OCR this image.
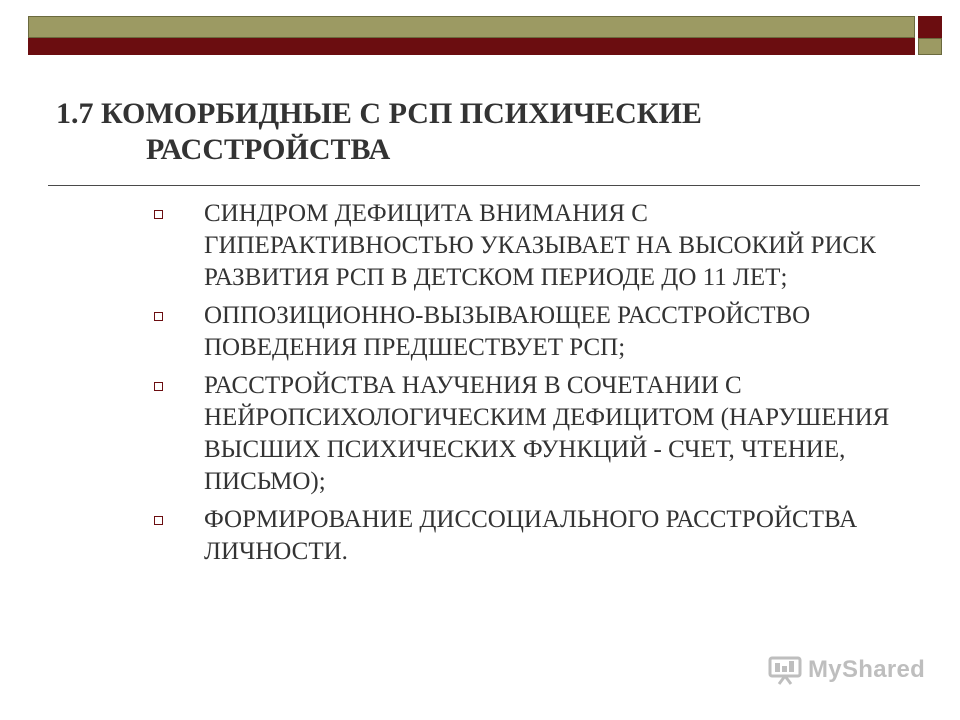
1.7 КОМОРБИДНЫЕ С РСП ПСИХИЧЕСКИЕ
РАССТРОЙСТВА
СИНДРОМ ДЕФИЦИТА ВНИМАНИЯ С ГИПЕРАКТИВНОСТЬЮ УКАЗЫВАЕТ НА ВЫСОКИЙ РИСК РАЗВИТИЯ РСП В ДЕТСКОМ ПЕРИОДЕ ДО 11 ЛЕТ;
ОППОЗИЦИОННО-ВЫЗЫВАЮЩЕЕ РАССТРОЙСТВО ПОВЕДЕНИЯ ПРЕДШЕСТВУЕТ РСП;
РАССТРОЙСТВА НАУЧЕНИЯ В СОЧЕТАНИИ С НЕЙРОПСИХОЛОГИЧЕСКИМ ДЕФИЦИТОМ (НАРУШЕНИЯ ВЫСШИХ ПСИХИЧЕСКИХ ФУНКЦИЙ - СЧЕТ, ЧТЕНИЕ, ПИСЬМО);
ФОРМИРОВАНИЕ ДИССОЦИАЛЬНОГО РАССТРОЙСТВА ЛИЧНОСТИ.
MyShared
